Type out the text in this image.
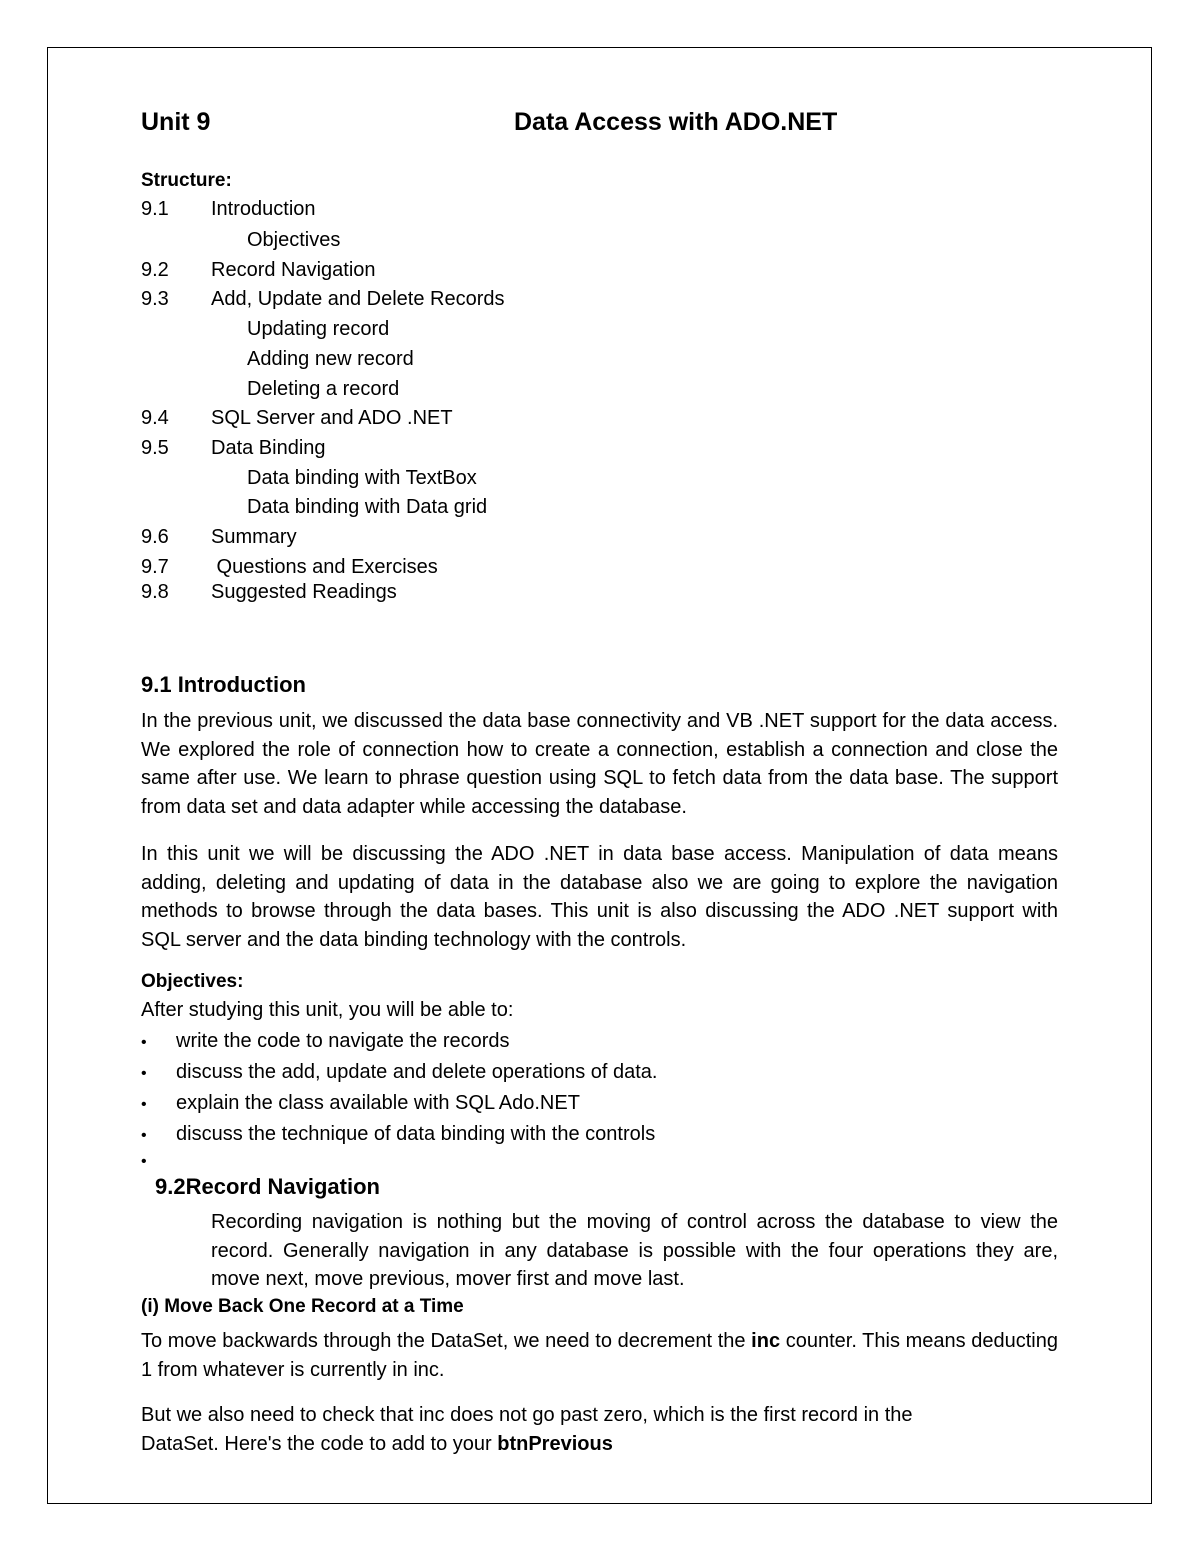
Unit 9	Data Access with ADO.NET
Structure:
9.1 Introduction
Objectives
9.2 Record Navigation
9.3 Add, Update and Delete Records
Updating record
Adding new record
Deleting a record
9.4 SQL Server and ADO .NET
9.5 Data Binding
Data binding with TextBox
Data binding with Data grid
9.6 Summary
9.7 Questions and Exercises
9.8 Suggested Readings
9.1 Introduction

In the previous unit, we discussed the data base connectivity and VB .NET support for the data access. We explored the role of connection how to create a connection, establish a connection and close the same after use. We learn to phrase question using SQL to fetch data from the data base. The support from data set and data adapter while accessing the database.

In this unit we will be discussing the ADO .NET in data base access. Manipulation of data means adding, deleting and updating of data in the database also we are going to explore the navigation methods to browse through the data bases. This unit is also discussing the ADO .NET support with SQL server and the data binding technology with the controls.

Objectives:
After studying this unit, you will be able to:
• write the code to navigate the records
• discuss the add, update and delete operations of data.
• explain the class available with SQL Ado.NET
• discuss the technique of data binding with the controls
•
9.2Record Navigation

Recording navigation is nothing but the moving of control across the database to view the record. Generally navigation in any database is possible with the four operations they are, move next, move previous, mover first and move last.

(i) Move Back One Record at a Time

To move backwards through the DataSet, we need to decrement the inc counter. This means deducting 1 from whatever is currently in inc.

But we also need to check that inc does not go past zero, which is the first record in the
DataSet. Here's the code to add to your btnPrevious
